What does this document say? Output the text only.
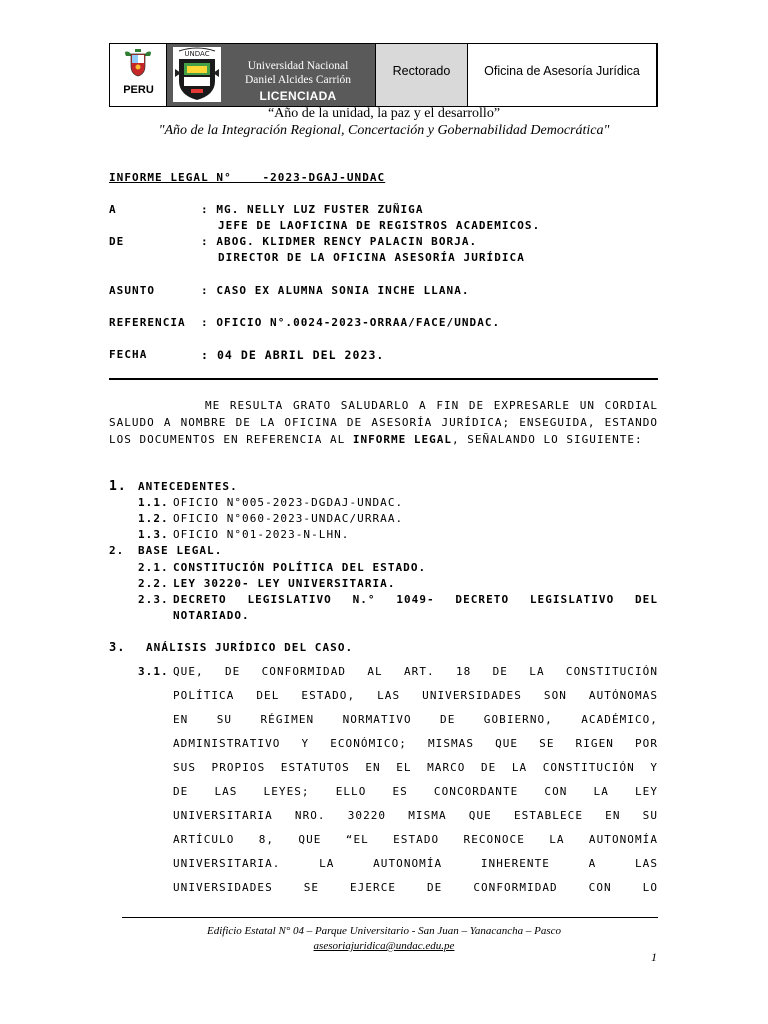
PERU
UNDAC
Universidad Nacional
Daniel Alcides Carrión
LICENCIADA
Rectorado	Oficina de Asesoría Jurídica
“Año de la unidad, la paz y el desarrollo”
"Año de la Integración Regional, Concertación y Gobernabilidad Democrática"
INFORME LEGAL N°    -2023-DGAJ-UNDAC
A	: MG. NELLY LUZ FUSTER ZUÑIGA
JEFE DE LAOFICINA DE REGISTROS ACADEMICOS.
DE	: ABOG. KLIDMER RENCY PALACIN BORJA.
DIRECTOR DE LA OFICINA ASESORÍA JURÍDICA
ASUNTO	: CASO EX ALUMNA SONIA INCHE LLANA.
REFERENCIA : OFICIO N°.0024-2023-ORRAA/FACE/UNDAC.
FECHA	: 04 DE ABRIL DEL 2023.
ME RESULTA GRATO SALUDARLO A FIN DE EXPRESARLE UN CORDIAL SALUDO A NOMBRE DE LA OFICINA DE ASESORÍA JURÍDICA; ENSEGUIDA, ESTANDO LOS DOCUMENTOS EN REFERENCIA AL INFORME LEGAL, SEÑALANDO LO SIGUIENTE:
1. ANTECEDENTES.
1.1. OFICIO N°005-2023-DGDAJ-UNDAC.
1.2. OFICIO N°060-2023-UNDAC/URRAA.
1.3. OFICIO N°01-2023-N-LHN.
2. BASE LEGAL.
2.1. CONSTITUCIÓN POLÍTICA DEL ESTADO.
2.2. LEY 30220- LEY UNIVERSITARIA.
2.3. DECRETO LEGISLATIVO N.° 1049- DECRETO LEGISLATIVO DEL
NOTARIADO.
3. ANÁLISIS JURÍDICO DEL CASO.
3.1. QUE, DE CONFORMIDAD AL ART. 18 DE LA CONSTITUCIÓN
POLÍTICA DEL ESTADO, LAS UNIVERSIDADES SON AUTÓNOMAS
EN SU RÉGIMEN NORMATIVO DE GOBIERNO, ACADÉMICO,
ADMINISTRATIVO Y ECONÓMICO; MISMAS QUE SE RIGEN POR
SUS PROPIOS ESTATUTOS EN EL MARCO DE LA CONSTITUCIÓN Y
DE LAS LEYES; ELLO ES CONCORDANTE CON LA LEY
UNIVERSITARIA NRO. 30220 MISMA QUE ESTABLECE EN SU
ARTÍCULO 8, QUE “EL ESTADO RECONOCE LA AUTONOMÍA
UNIVERSITARIA. LA AUTONOMÍA INHERENTE A LAS
UNIVERSIDADES SE EJERCE DE CONFORMIDAD CON LO
Edificio Estatal N° 04 – Parque Universitario - San Juan – Yanacancha – Pasco
asesoriajuridica@undac.edu.pe
1
